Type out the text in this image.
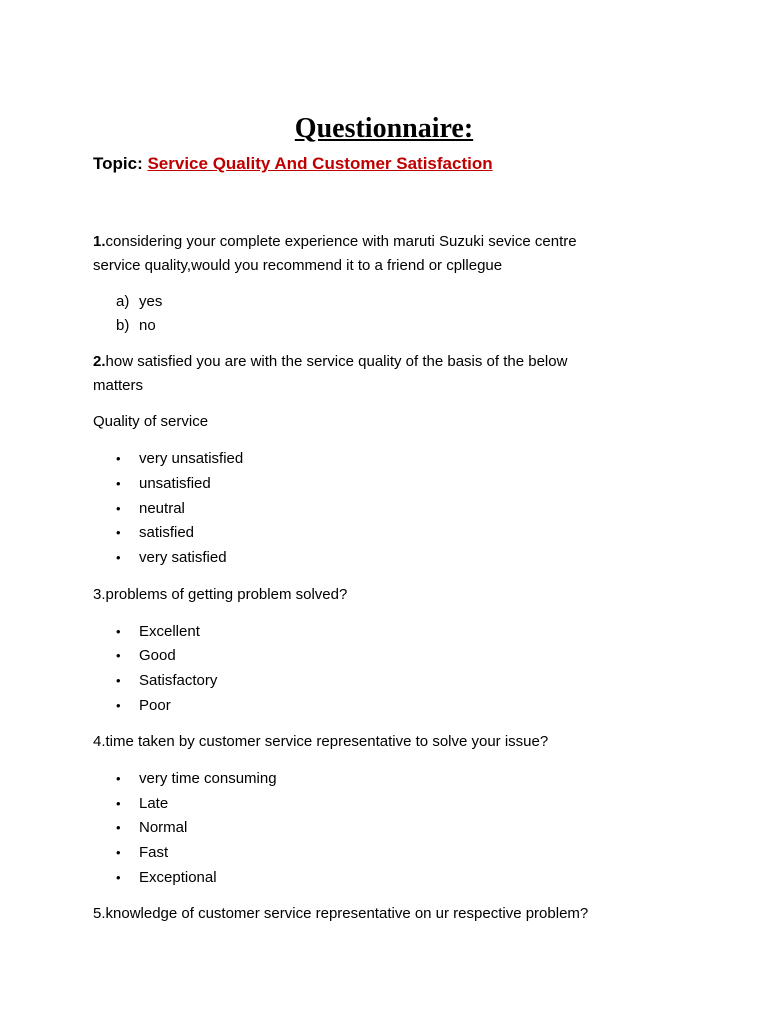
Questionnaire:
Topic: Service Quality And Customer Satisfaction
1.considering your complete experience with maruti Suzuki sevice centre
service quality,would you recommend it to a friend or cpllegue
a) yes
b) no
2.how satisfied you are with the service quality of the basis of the below
matters
Quality of service
• very unsatisfied
• unsatisfied
• neutral
• satisfied
• very satisfied
3.problems of getting problem solved?
• Excellent
• Good
• Satisfactory
• Poor
4.time taken by customer service representative to solve your issue?
• very time consuming
• Late
• Normal
• Fast
• Exceptional
5.knowledge of customer service representative on ur respective problem?
